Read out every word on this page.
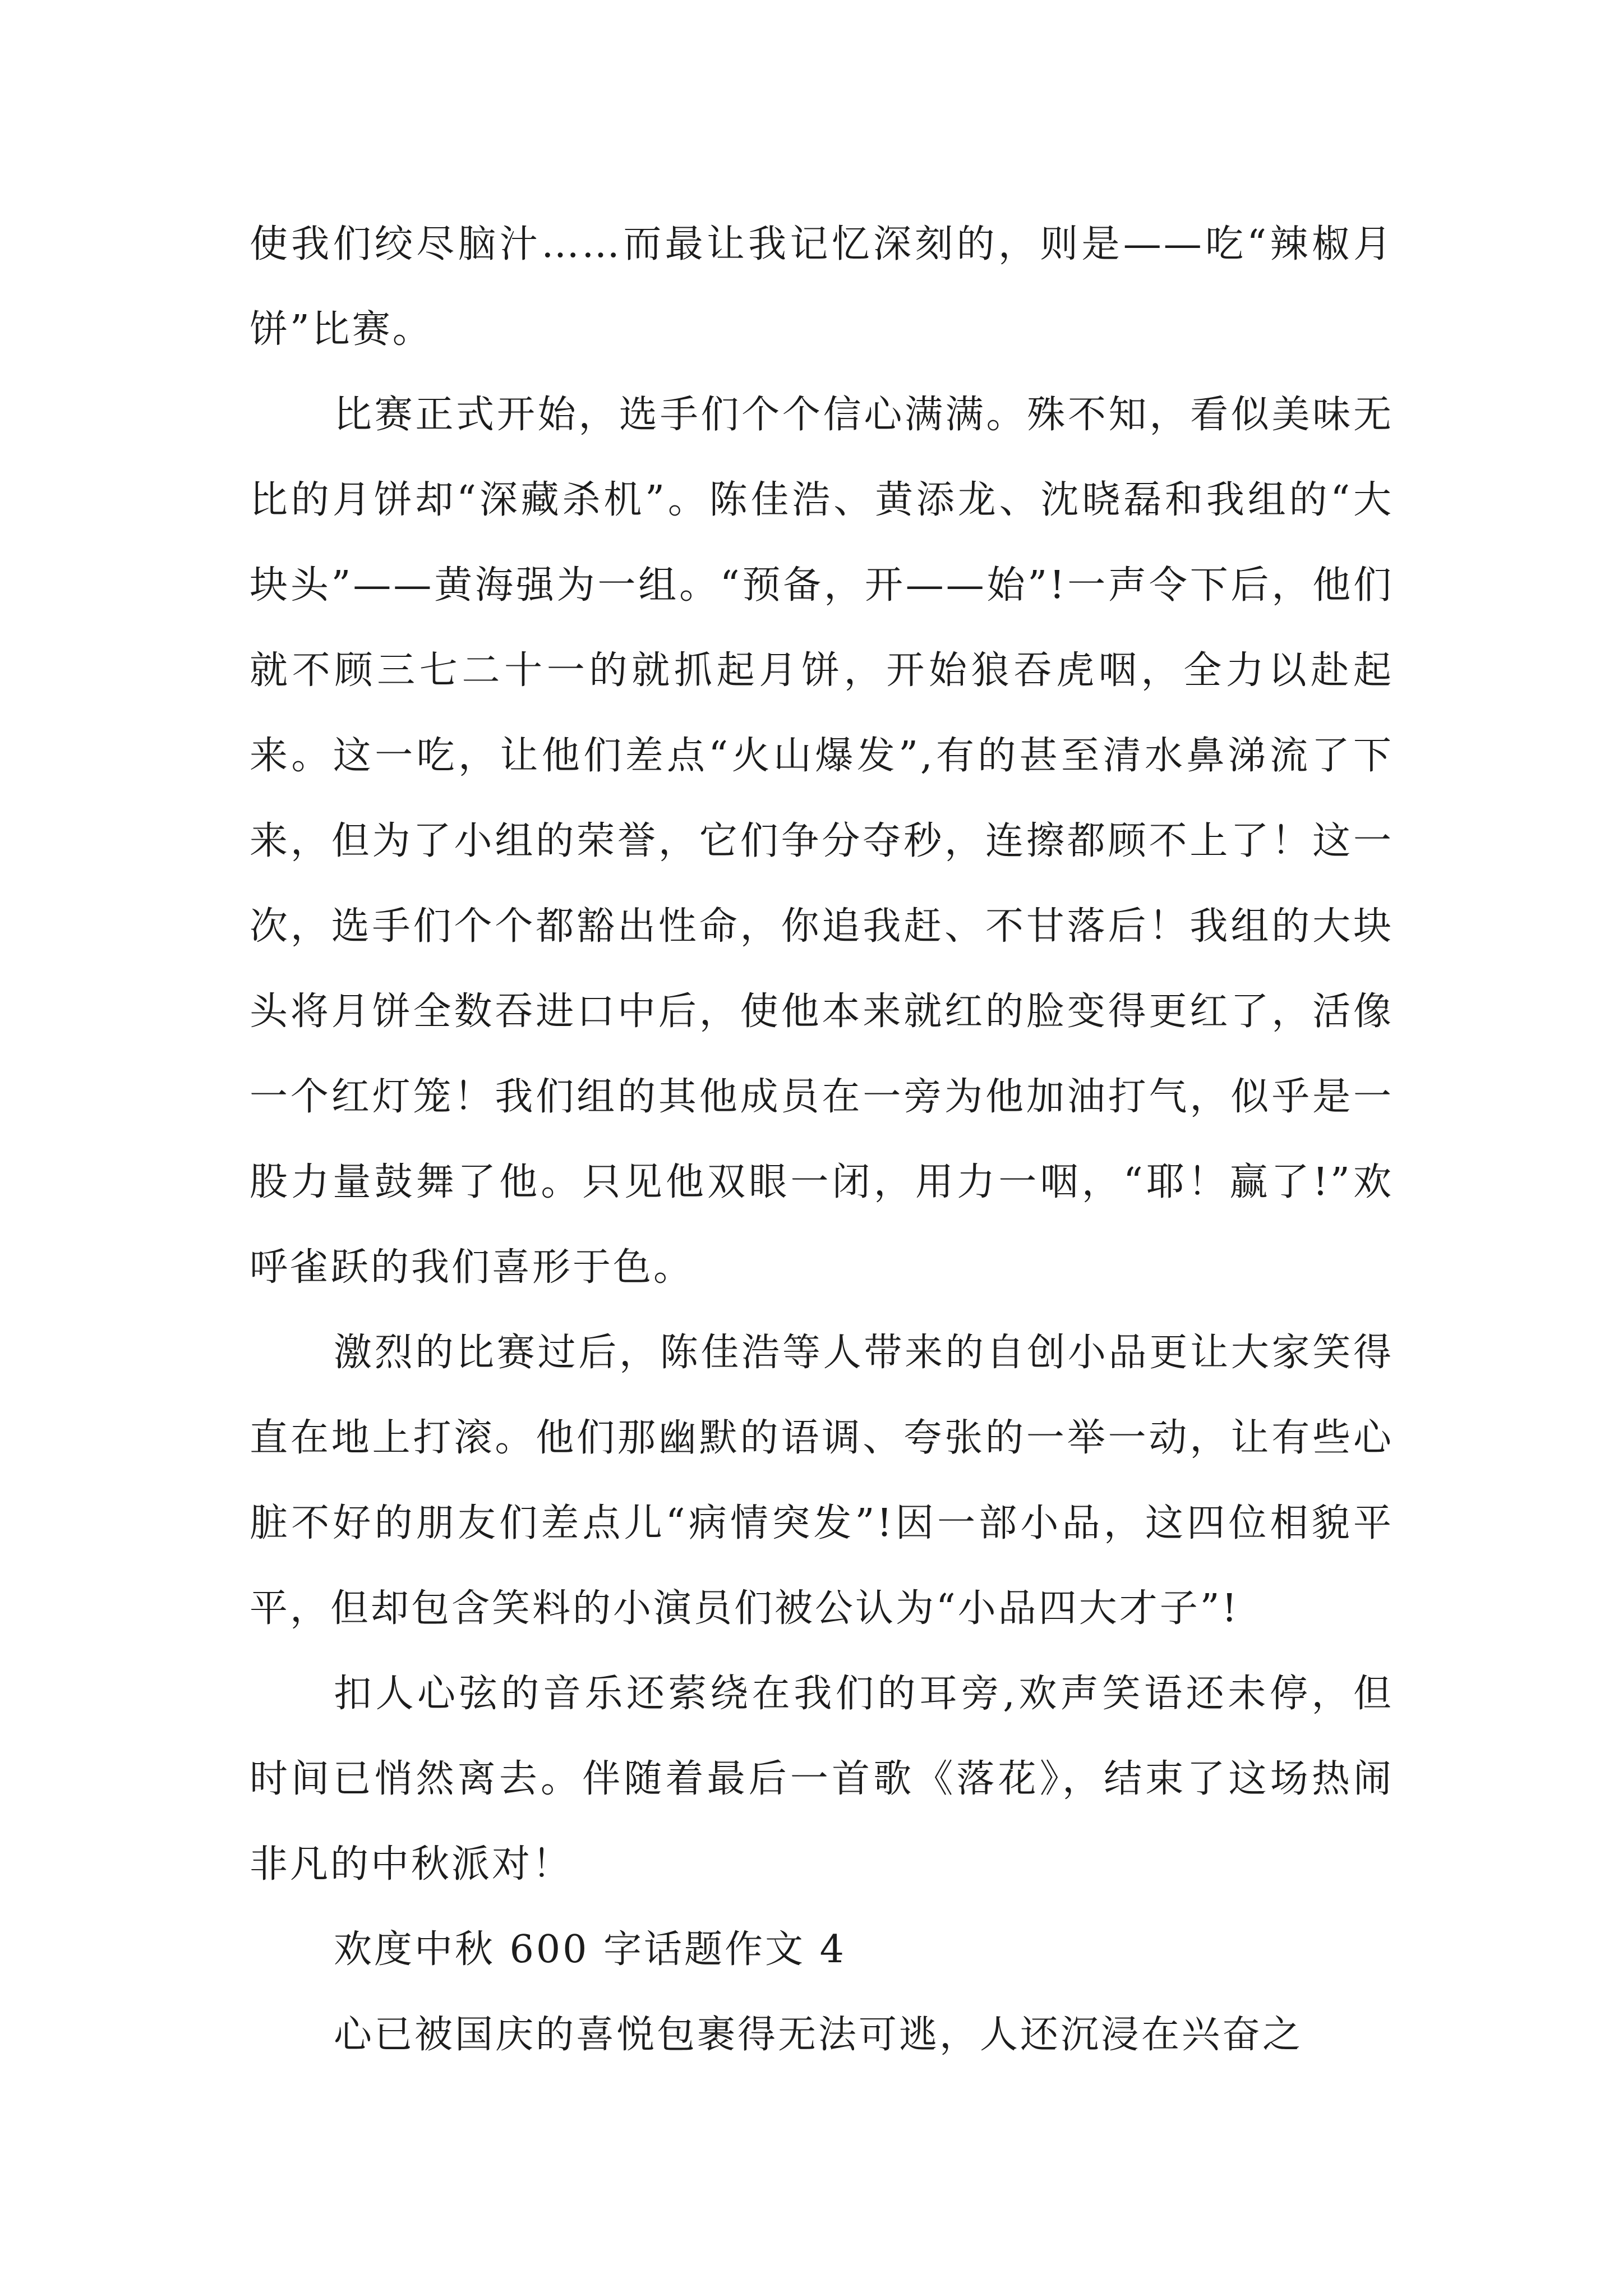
使我们绞尽脑汁……而最让我记忆深刻的，则是——吃“辣椒月饼”比赛。

比赛正式开始，选手们个个信心满满。殊不知，看似美味无比的月饼却“深藏杀机”。陈佳浩、黄添龙、沈晓磊和我组的“大块头”——黄海强为一组。“预备，开——始”!一声令下后，他们就不顾三七二十一的就抓起月饼，开始狼吞虎咽，全力以赴起来。这一吃，让他们差点“火山爆发”,有的甚至清水鼻涕流了下来，但为了小组的荣誉，它们争分夺秒，连擦都顾不上了！这一次，选手们个个都豁出性命，你追我赶、不甘落后！我组的大块头将月饼全数吞进口中后，使他本来就红的脸变得更红了，活像一个红灯笼！我们组的其他成员在一旁为他加油打气，似乎是一股力量鼓舞了他。只见他双眼一闭，用力一咽，“耶！赢了!”欢呼雀跃的我们喜形于色。

激烈的比赛过后，陈佳浩等人带来的自创小品更让大家笑得直在地上打滚。他们那幽默的语调、夸张的一举一动，让有些心脏不好的朋友们差点儿“病情突发”!因一部小品，这四位相貌平平，但却包含笑料的小演员们被公认为“小品四大才子”!

扣人心弦的音乐还萦绕在我们的耳旁,欢声笑语还未停，但时间已悄然离去。伴随着最后一首歌《落花》，结束了这场热闹非凡的中秋派对！

欢度中秋 600 字话题作文 4

心已被国庆的喜悦包裹得无法可逃，人还沉浸在兴奋之
